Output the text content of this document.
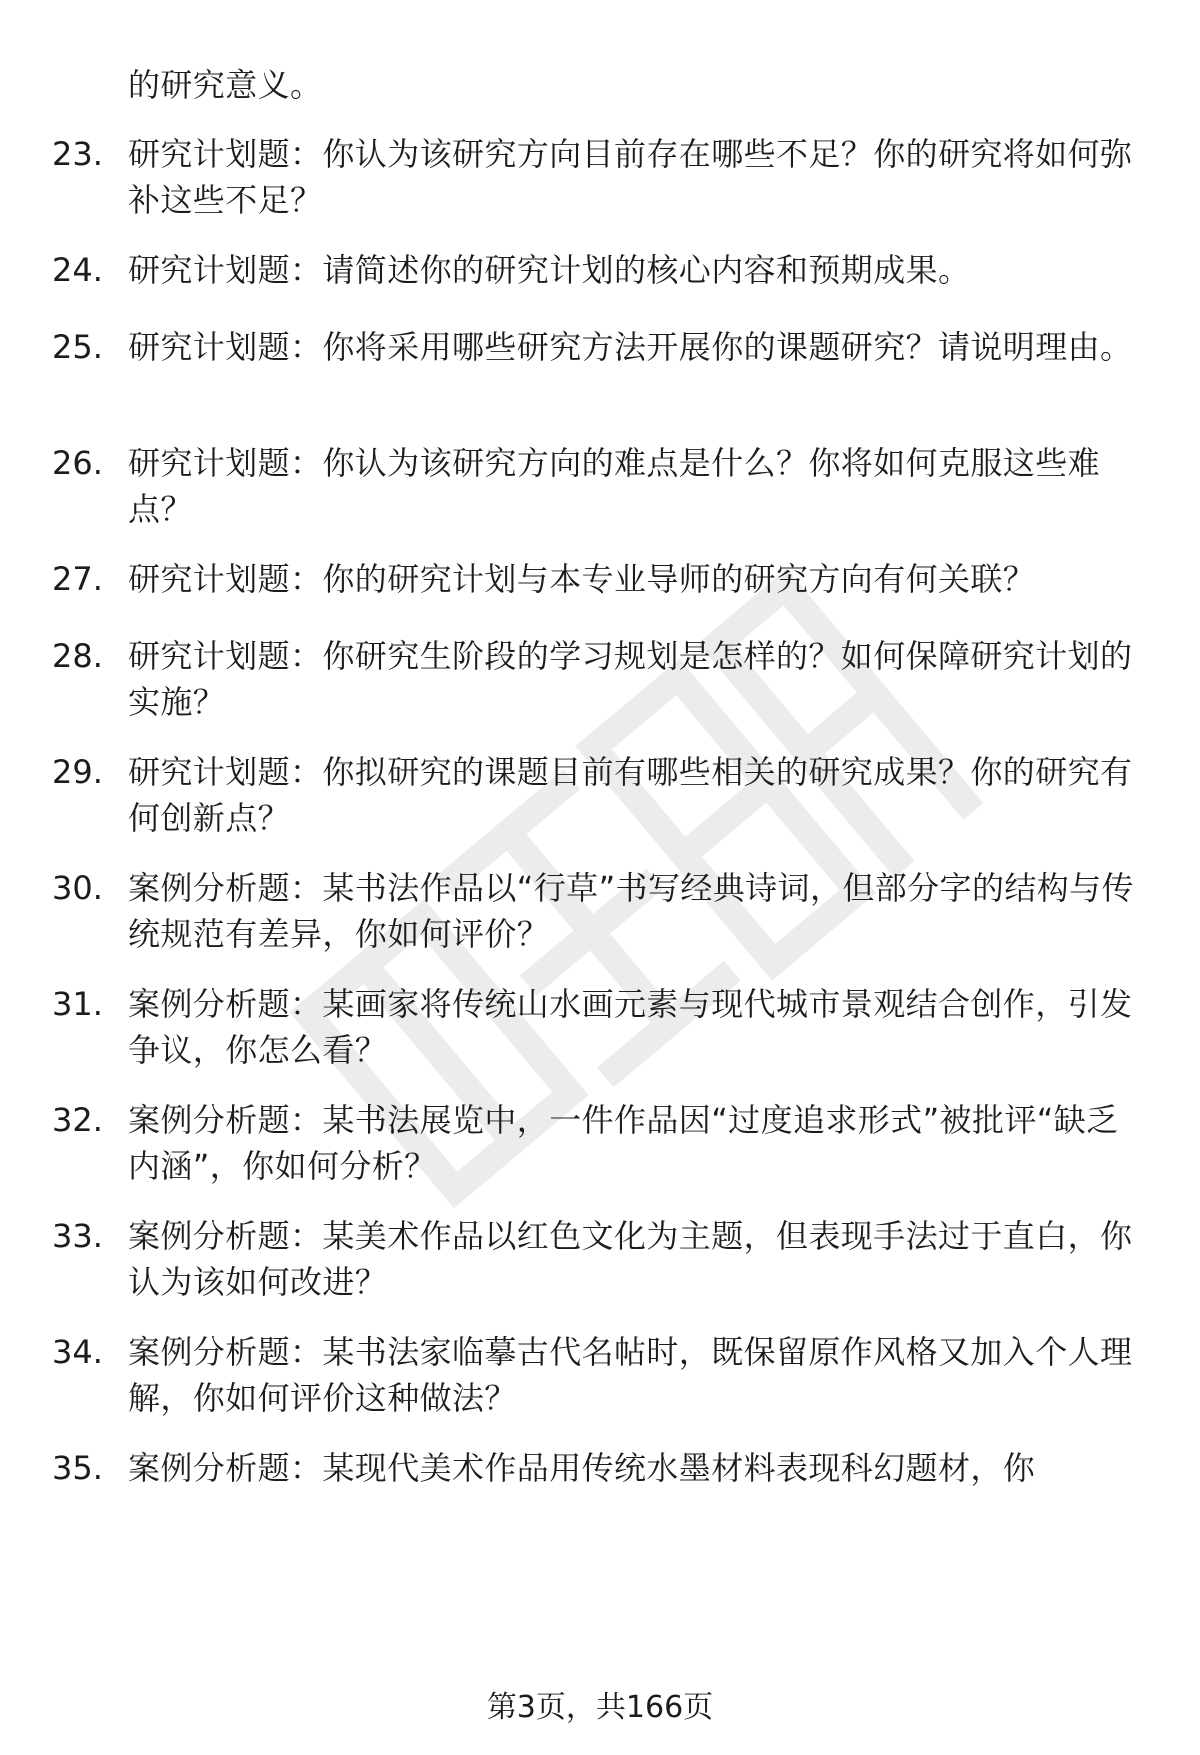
的研究意义。
23. 研究计划题：你认为该研究方向目前存在哪些不足？你的研究将如何弥补这些不足？
24. 研究计划题：请简述你的研究计划的核心内容和预期成果。
25. 研究计划题：你将采用哪些研究方法开展你的课题研究？请说明理由。
26. 研究计划题：你认为该研究方向的难点是什么？你将如何克服这些难点？
27. 研究计划题：你的研究计划与本专业导师的研究方向有何关联？
28. 研究计划题：你研究生阶段的学习规划是怎样的？如何保障研究计划的实施？
29. 研究计划题：你拟研究的课题目前有哪些相关的研究成果？你的研究有何创新点？
30. 案例分析题：某书法作品以“行草”书写经典诗词，但部分字的结构与传统规范有差异，你如何评价？
31. 案例分析题：某画家将传统山水画元素与现代城市景观结合创作，引发争议，你怎么看？
32. 案例分析题：某书法展览中，一件作品因“过度追求形式”被批评“缺乏内涵”，你如何分析？
33. 案例分析题：某美术作品以红色文化为主题，但表现手法过于直白，你认为该如何改进？
34. 案例分析题：某书法家临摹古代名帖时，既保留原作风格又加入个人理解，你如何评价这种做法？
35. 案例分析题：某现代美术作品用传统水墨材料表现科幻题材，你
第3页，共166页
